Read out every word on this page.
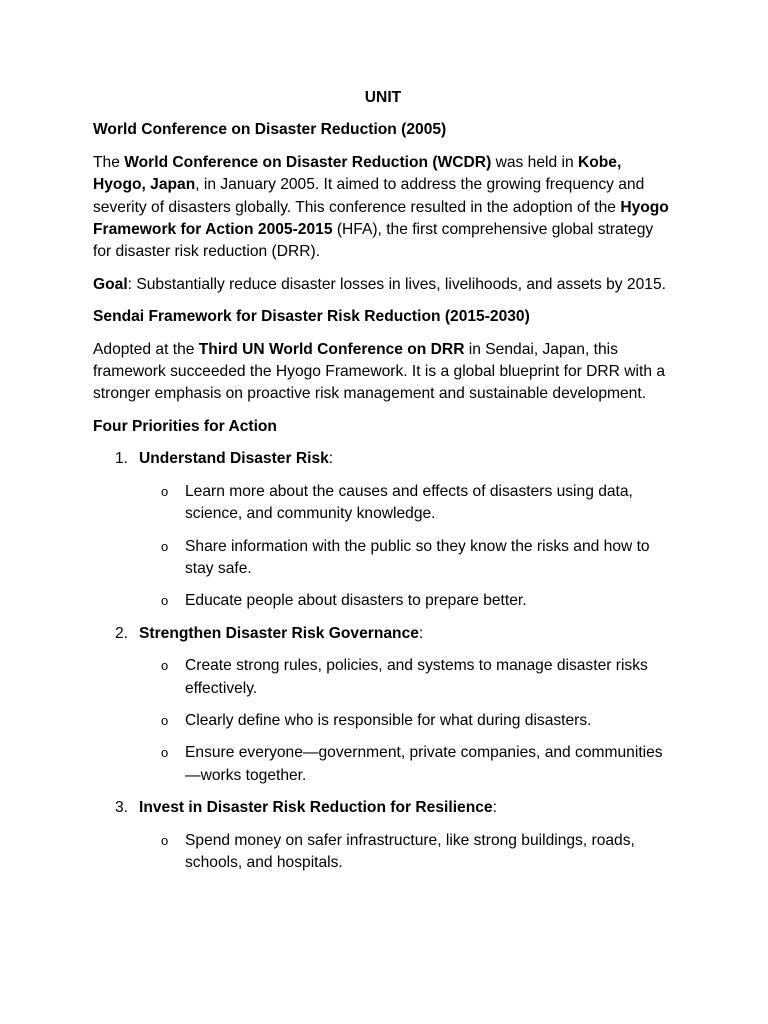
UNIT

World Conference on Disaster Reduction (2005)

The World Conference on Disaster Reduction (WCDR) was held in Kobe, Hyogo, Japan, in January 2005. It aimed to address the growing frequency and severity of disasters globally. This conference resulted in the adoption of the Hyogo Framework for Action 2005-2015 (HFA), the first comprehensive global strategy for disaster risk reduction (DRR).

Goal: Substantially reduce disaster losses in lives, livelihoods, and assets by 2015.

Sendai Framework for Disaster Risk Reduction (2015-2030)

Adopted at the Third UN World Conference on DRR in Sendai, Japan, this framework succeeded the Hyogo Framework. It is a global blueprint for DRR with a stronger emphasis on proactive risk management and sustainable development.

Four Priorities for Action

1. Understand Disaster Risk:
o Learn more about the causes and effects of disasters using data, science, and community knowledge.
o Share information with the public so they know the risks and how to stay safe.
o Educate people about disasters to prepare better.
2. Strengthen Disaster Risk Governance:
o Create strong rules, policies, and systems to manage disaster risks effectively.
o Clearly define who is responsible for what during disasters.
o Ensure everyone—government, private companies, and communities—works together.
3. Invest in Disaster Risk Reduction for Resilience:
o Spend money on safer infrastructure, like strong buildings, roads, schools, and hospitals.
